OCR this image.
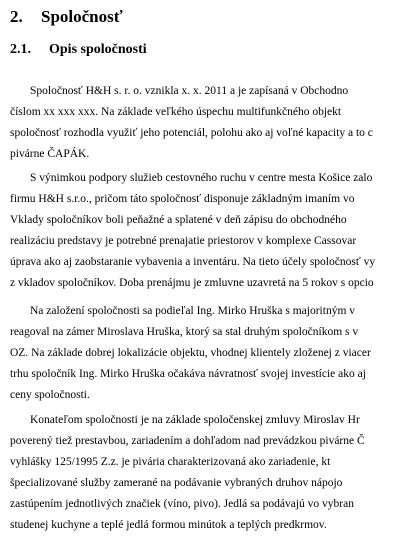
2. Spoločnosť
2.1. Opis spoločnosti
Spoločnosť H&H s. r. o. vznikla x. x. 2011 a je zapísaná v Obchodno
číslom xx xxx xxx. Na základe veľkého úspechu multifunkčného objekt
spoločnosť rozhodla využiť jeho potenciál, polohu ako aj voľné kapacity a to c
pivárne ČAPÁK.
S výnimkou podpory služieb cestovného ruchu v centre mesta Košice zalo
firmu H&H s.r.o., pričom táto spoločnosť disponuje základným imaním vo
Vklady spoločníkov boli peňažné a splatené v deň zápisu do obchodného
realizáciu predstavy je potrebné prenajatie priestorov v komplexe Cassovar
úprava ako aj zaobstaranie vybavenia a inventáru. Na tieto účely spoločnosť vy
z vkladov spoločníkov. Doba prenájmu je zmluvne uzavretá na 5 rokov s opcio
Na založení spoločnosti sa podieľal Ing. Mirko Hruška s majoritným v
reagoval na zámer Miroslava Hruška, ktorý sa stal druhým spoločníkom s v
OZ. Na základe dobrej lokalizácie objektu, vhodnej klientely zloženej z viacer
trhu spoločník Ing. Mirko Hruška očakáva návratnosť svojej investície ako aj
ceny spoločnosti.
Konateľom spoločnosti je na základe spoločenskej zmluvy Miroslav Hr
poverený tiež prestavbou, zariadením a dohľadom nad prevádzkou pivárne Č
vyhlášky 125/1995 Z.z. je pivária charakterizovaná ako zariadenie, kt
špecializované služby zamerané na podávanie vybraných druhov nápojo
zastúpením jednotlivých značiek (víno, pivo). Jedlá sa podávajú vo vybran
studenej kuchyne a teplé jedlá formou minútok a teplých predkrmov.
